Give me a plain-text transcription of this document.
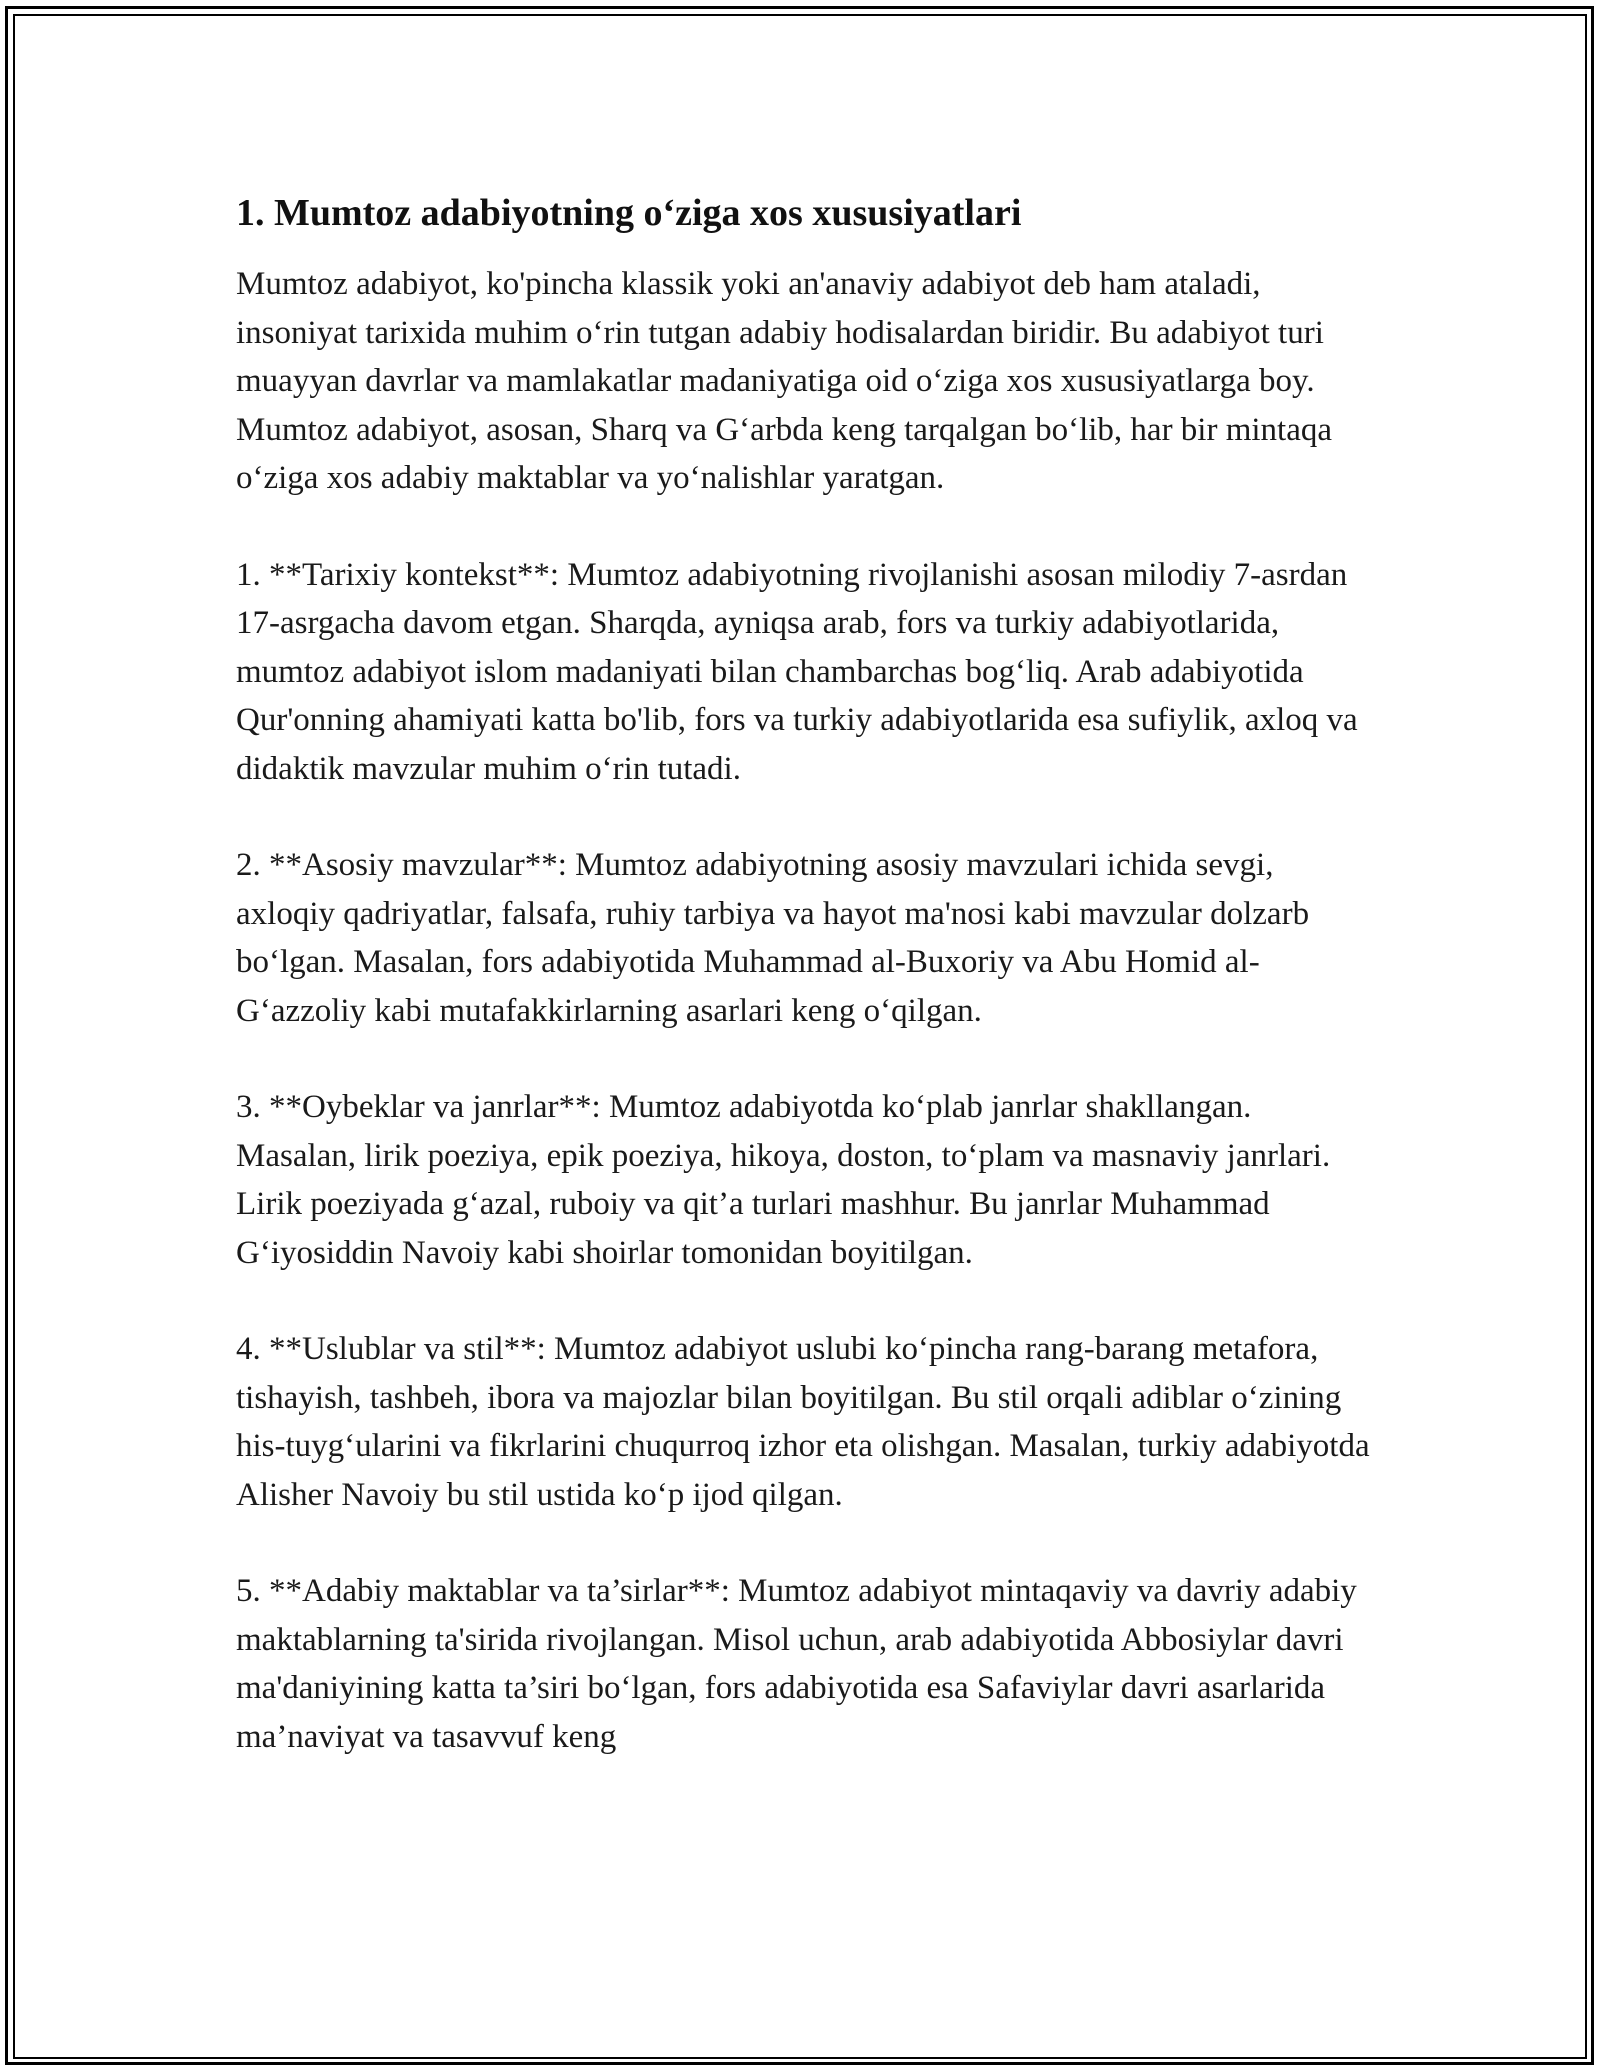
1. Mumtoz adabiyotning o‘ziga xos xususiyatlari

Mumtoz adabiyot, ko'pincha klassik yoki an'anaviy adabiyot deb ham ataladi, insoniyat tarixida muhim o‘rin tutgan adabiy hodisalardan biridir. Bu adabiyot turi muayyan davrlar va mamlakatlar madaniyatiga oid o‘ziga xos xususiyatlarga boy. Mumtoz adabiyot, asosan, Sharq va G‘arbda keng tarqalgan bo‘lib, har bir mintaqa o‘ziga xos adabiy maktablar va yo‘nalishlar yaratgan.

1. **Tarixiy kontekst**: Mumtoz adabiyotning rivojlanishi asosan milodiy 7-asrdan 17-asrgacha davom etgan. Sharqda, ayniqsa arab, fors va turkiy adabiyotlarida, mumtoz adabiyot islom madaniyati bilan chambarchas bog‘liq. Arab adabiyotida Qur'onning ahamiyati katta bo'lib, fors va turkiy adabiyotlarida esa sufiylik, axloq va didaktik mavzular muhim o‘rin tutadi.

2. **Asosiy mavzular**: Mumtoz adabiyotning asosiy mavzulari ichida sevgi, axloqiy qadriyatlar, falsafa, ruhiy tarbiya va hayot ma'nosi kabi mavzular dolzarb bo‘lgan. Masalan, fors adabiyotida Muhammad al-Buxoriy va Abu Homid al-G‘azzoliy kabi mutafakkirlarning asarlari keng o‘qilgan.

3. **Oybeklar va janrlar**: Mumtoz adabiyotda ko‘plab janrlar shakllangan. Masalan, lirik poeziya, epik poeziya, hikoya, doston, to‘plam va masnaviy janrlari. Lirik poeziyada g‘azal, ruboiy va qit’a turlari mashhur. Bu janrlar Muhammad G‘iyosiddin Navoiy kabi shoirlar tomonidan boyitilgan.

4. **Uslublar va stil**: Mumtoz adabiyot uslubi ko‘pincha rang-barang metafora, tishayish, tashbeh, ibora va majozlar bilan boyitilgan. Bu stil orqali adiblar o‘zining his-tuyg‘ularini va fikrlarini chuqurroq izhor eta olishgan. Masalan, turkiy adabiyotda Alisher Navoiy bu stil ustida ko‘p ijod qilgan.

5. **Adabiy maktablar va ta’sirlar**: Mumtoz adabiyot mintaqaviy va davriy adabiy maktablarning ta'sirida rivojlangan. Misol uchun, arab adabiyotida Abbosiylar davri ma'daniyining katta ta’siri bo‘lgan, fors adabiyotida esa Safaviylar davri asarlarida ma’naviyat va tasavvuf keng
